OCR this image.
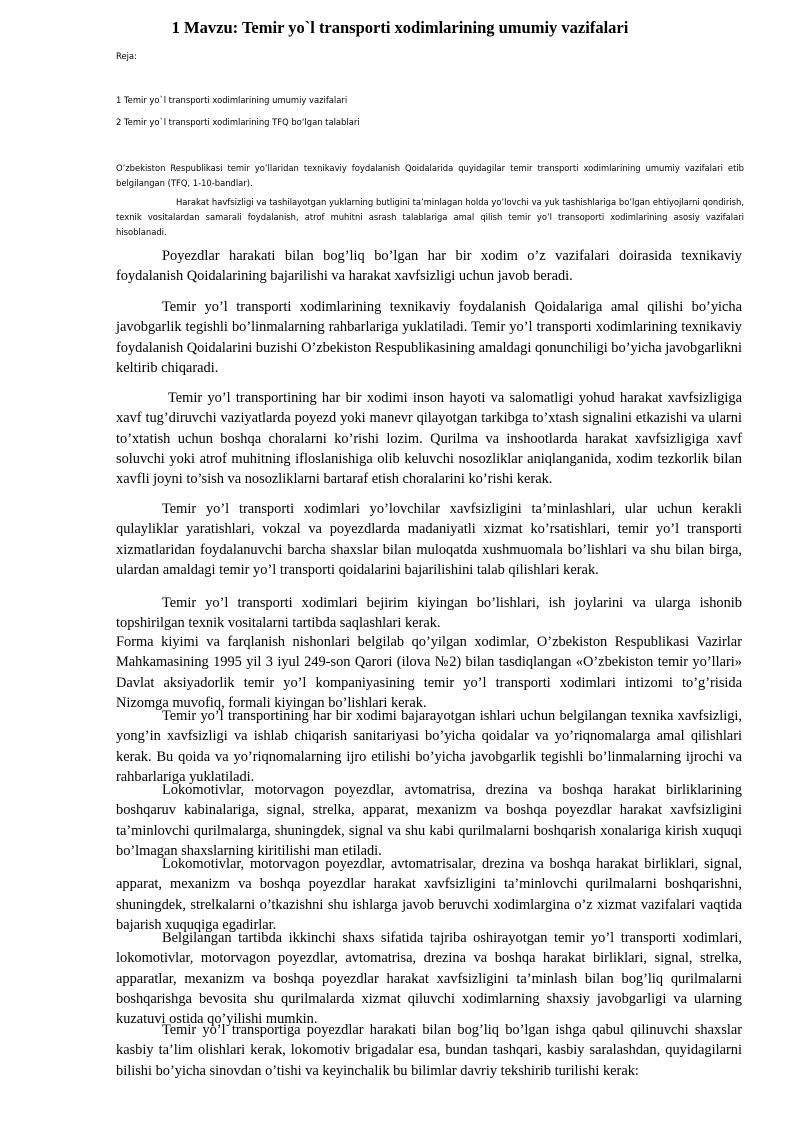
1 Mavzu: Temir yo`l transporti xodimlarining umumiy vazifalari

Reja:

1 Temir yo`l transporti xodimlarining umumiy vazifalari

2 Temir yo`l transporti xodimlarining TFQ bo‘lgan talablari

O’zbekiston Respublikasi temir yo’llaridan texnikaviy foydalanish Qoidalarida quyidagilar temir transporti xodimlarining umumiy vazifalari etib belgilangan (TFQ, 1-10-bandlar).

Harakat havfsizligi va tashilayotgan yuklarning butligini ta’minlagan holda yo’lovchi va yuk tashishlariga bo’lgan ehtiyojlarni qondirish, texnik vositalardan samarali foydalanish, atrof muhitni asrash talablariga amal qilish temir yo’l transoporti xodimlarining asosiy vazifalari hisoblanadi.

Poyezdlar harakati bilan bog’liq bo’lgan har bir xodim o’z vazifalari doirasida texnikaviy foydalanish Qoidalarining bajarilishi va harakat xavfsizligi uchun javob beradi.

Temir yo’l transporti xodimlarining texnikaviy foydalanish Qoidalariga amal qilishi bo’yicha javobgarlik tegishli bo’linmalarning rahbarlariga yuklatiladi. Temir yo’l transporti xodimlarining texnikaviy foydalanish Qoidalarini buzishi O’zbekiston Respublikasining amaldagi qonunchiligi bo’yicha javobgarlikni keltirib chiqaradi.

Temir yo’l transportining har bir xodimi inson hayoti va salomatligi yohud harakat xavfsizligiga xavf tug’diruvchi vaziyatlarda poyezd yoki manevr qilayotgan tarkibga to’xtash signalini etkazishi va ularni to’xtatish uchun boshqa choralarni ko’rishi lozim. Qurilma va inshootlarda harakat xavfsizligiga xavf soluvchi yoki atrof muhitning ifloslanishiga olib keluvchi nosozliklar aniqlanganida, xodim tezkorlik bilan xavfli joyni to’sish va nosozliklarni bartaraf etish choralarini ko’rishi kerak.

Temir yo’l transporti xodimlari yo’lovchilar xavfsizligini ta’minlashlari, ular uchun kerakli qulayliklar yaratishlari, vokzal va poyezdlarda madaniyatli xizmat ko’rsatishlari, temir yo’l transporti xizmatlaridan foydalanuvchi barcha shaxslar bilan muloqatda xushmuomala bo’lishlari va shu bilan birga, ulardan amaldagi temir yo’l transporti qoidalarini bajarilishini talab qilishlari kerak.

Temir yo’l transporti xodimlari bejirim kiyingan bo’lishlari, ish joylarini va ularga ishonib topshirilgan texnik vositalarni tartibda saqlashlari kerak.

Forma kiyimi va farqlanish nishonlari belgilab qo’yilgan xodimlar, O’zbekiston Respublikasi Vazirlar Mahkamasining 1995 yil 3 iyul 249-son Qarori (ilova №2) bilan tasdiqlangan «O’zbekiston temir yo’llari» Davlat aksiyadorlik temir yo’l kompaniyasining temir yo’l transporti xodimlari intizomi to’g’risida Nizomga muvofiq, formali kiyingan bo’lishlari kerak.

Temir yo’l transportining har bir xodimi bajarayotgan ishlari uchun belgilangan texnika xavfsizligi, yong’in xavfsizligi va ishlab chiqarish sanitariyasi bo’yicha qoidalar va yo’riqnomalarga amal qilishlari kerak. Bu qoida va yo’riqnomalarning ijro etilishi bo’yicha javobgarlik tegishli bo’linmalarning ijrochi va rahbarlariga yuklatiladi.

Lokomotivlar, motorvagon poyezdlar, avtomatrisa, drezina va boshqa harakat birliklarining boshqaruv kabinalariga, signal, strelka, apparat, mexanizm va boshqa poyezdlar harakat xavfsizligini ta’minlovchi qurilmalarga, shuningdek, signal va shu kabi qurilmalarni boshqarish xonalariga kirish xuquqi bo’lmagan shaxslarning kiritilishi man etiladi.

Lokomotivlar, motorvagon poyezdlar, avtomatrisalar, drezina va boshqa harakat birliklari, signal, apparat, mexanizm va boshqa poyezdlar harakat xavfsizligini ta’minlovchi qurilmalarni boshqarishni, shuningdek, strelkalarni o’tkazishni shu ishlarga javob beruvchi xodimlargina o’z xizmat vazifalari vaqtida bajarish xuquqiga egadirlar.

Belgilangan tartibda ikkinchi shaxs sifatida tajriba oshirayotgan temir yo’l transporti xodimlari, lokomotivlar, motorvagon poyezdlar, avtomatrisa, drezina va boshqa harakat birliklari, signal, strelka, apparatlar, mexanizm va boshqa poyezdlar harakat xavfsizligini ta’minlash bilan bog’liq qurilmalarni boshqarishga bevosita shu qurilmalarda xizmat qiluvchi xodimlarning shaxsiy javobgarligi va ularning kuzatuvi ostida qo’yilishi mumkin.

Temir yo’l transportiga poyezdlar harakati bilan bog’liq bo’lgan ishga qabul qilinuvchi shaxslar kasbiy ta’lim olishlari kerak, lokomotiv brigadalar esa, bundan tashqari, kasbiy saralashdan, quyidagilarni bilishi bo’yicha sinovdan o’tishi va keyinchalik bu bilimlar davriy tekshirib turilishi kerak:
